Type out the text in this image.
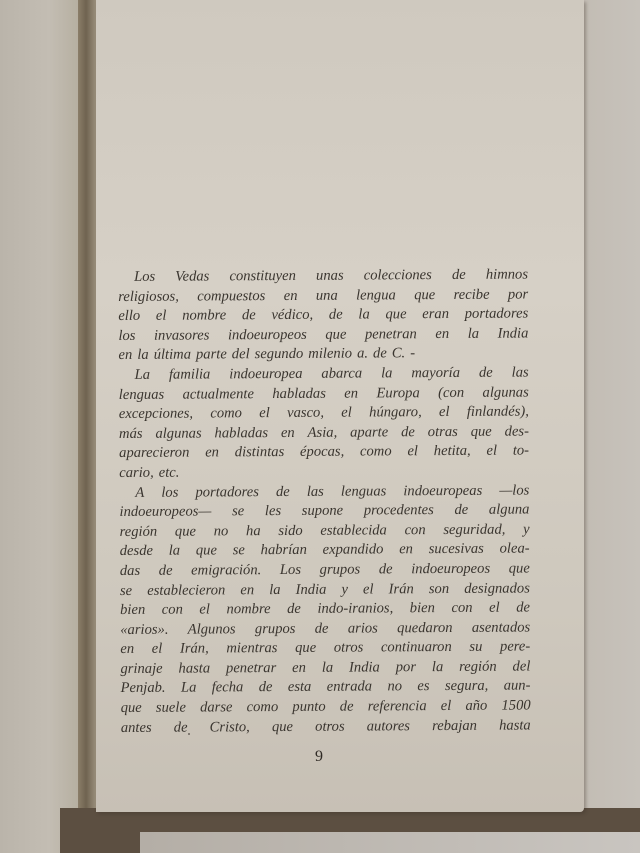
Los Vedas constituyen unas colecciones de himnos
religiosos, compuestos en una lengua que recibe por
ello el nombre de védico, de la que eran portadores
los invasores indoeuropeos que penetran en la India
en la última parte del segundo milenio a. de C. -
La familia indoeuropea abarca la mayoría de las
lenguas actualmente habladas en Europa (con algunas
excepciones, como el vasco, el húngaro, el finlandés),
más algunas habladas en Asia, aparte de otras que des-
aparecieron en distintas épocas, como el hetita, el to-
cario, etc.
A los portadores de las lenguas indoeuropeas —los
indoeuropeos— se les supone procedentes de alguna
región que no ha sido establecida con seguridad, y
desde la que se habrían expandido en sucesivas olea-
das de emigración. Los grupos de indoeuropeos que
se establecieron en la India y el Irán son designados
bien con el nombre de indo-iranios, bien con el de
«arios». Algunos grupos de arios quedaron asentados
en el Irán, mientras que otros continuaron su pere-
grinaje hasta penetrar en la India por la región del
Penjab. La fecha de esta entrada no es segura, aun-
que suele darse como punto de referencia el año 1500
antes de Cristo, que otros autores rebajan hasta
9
